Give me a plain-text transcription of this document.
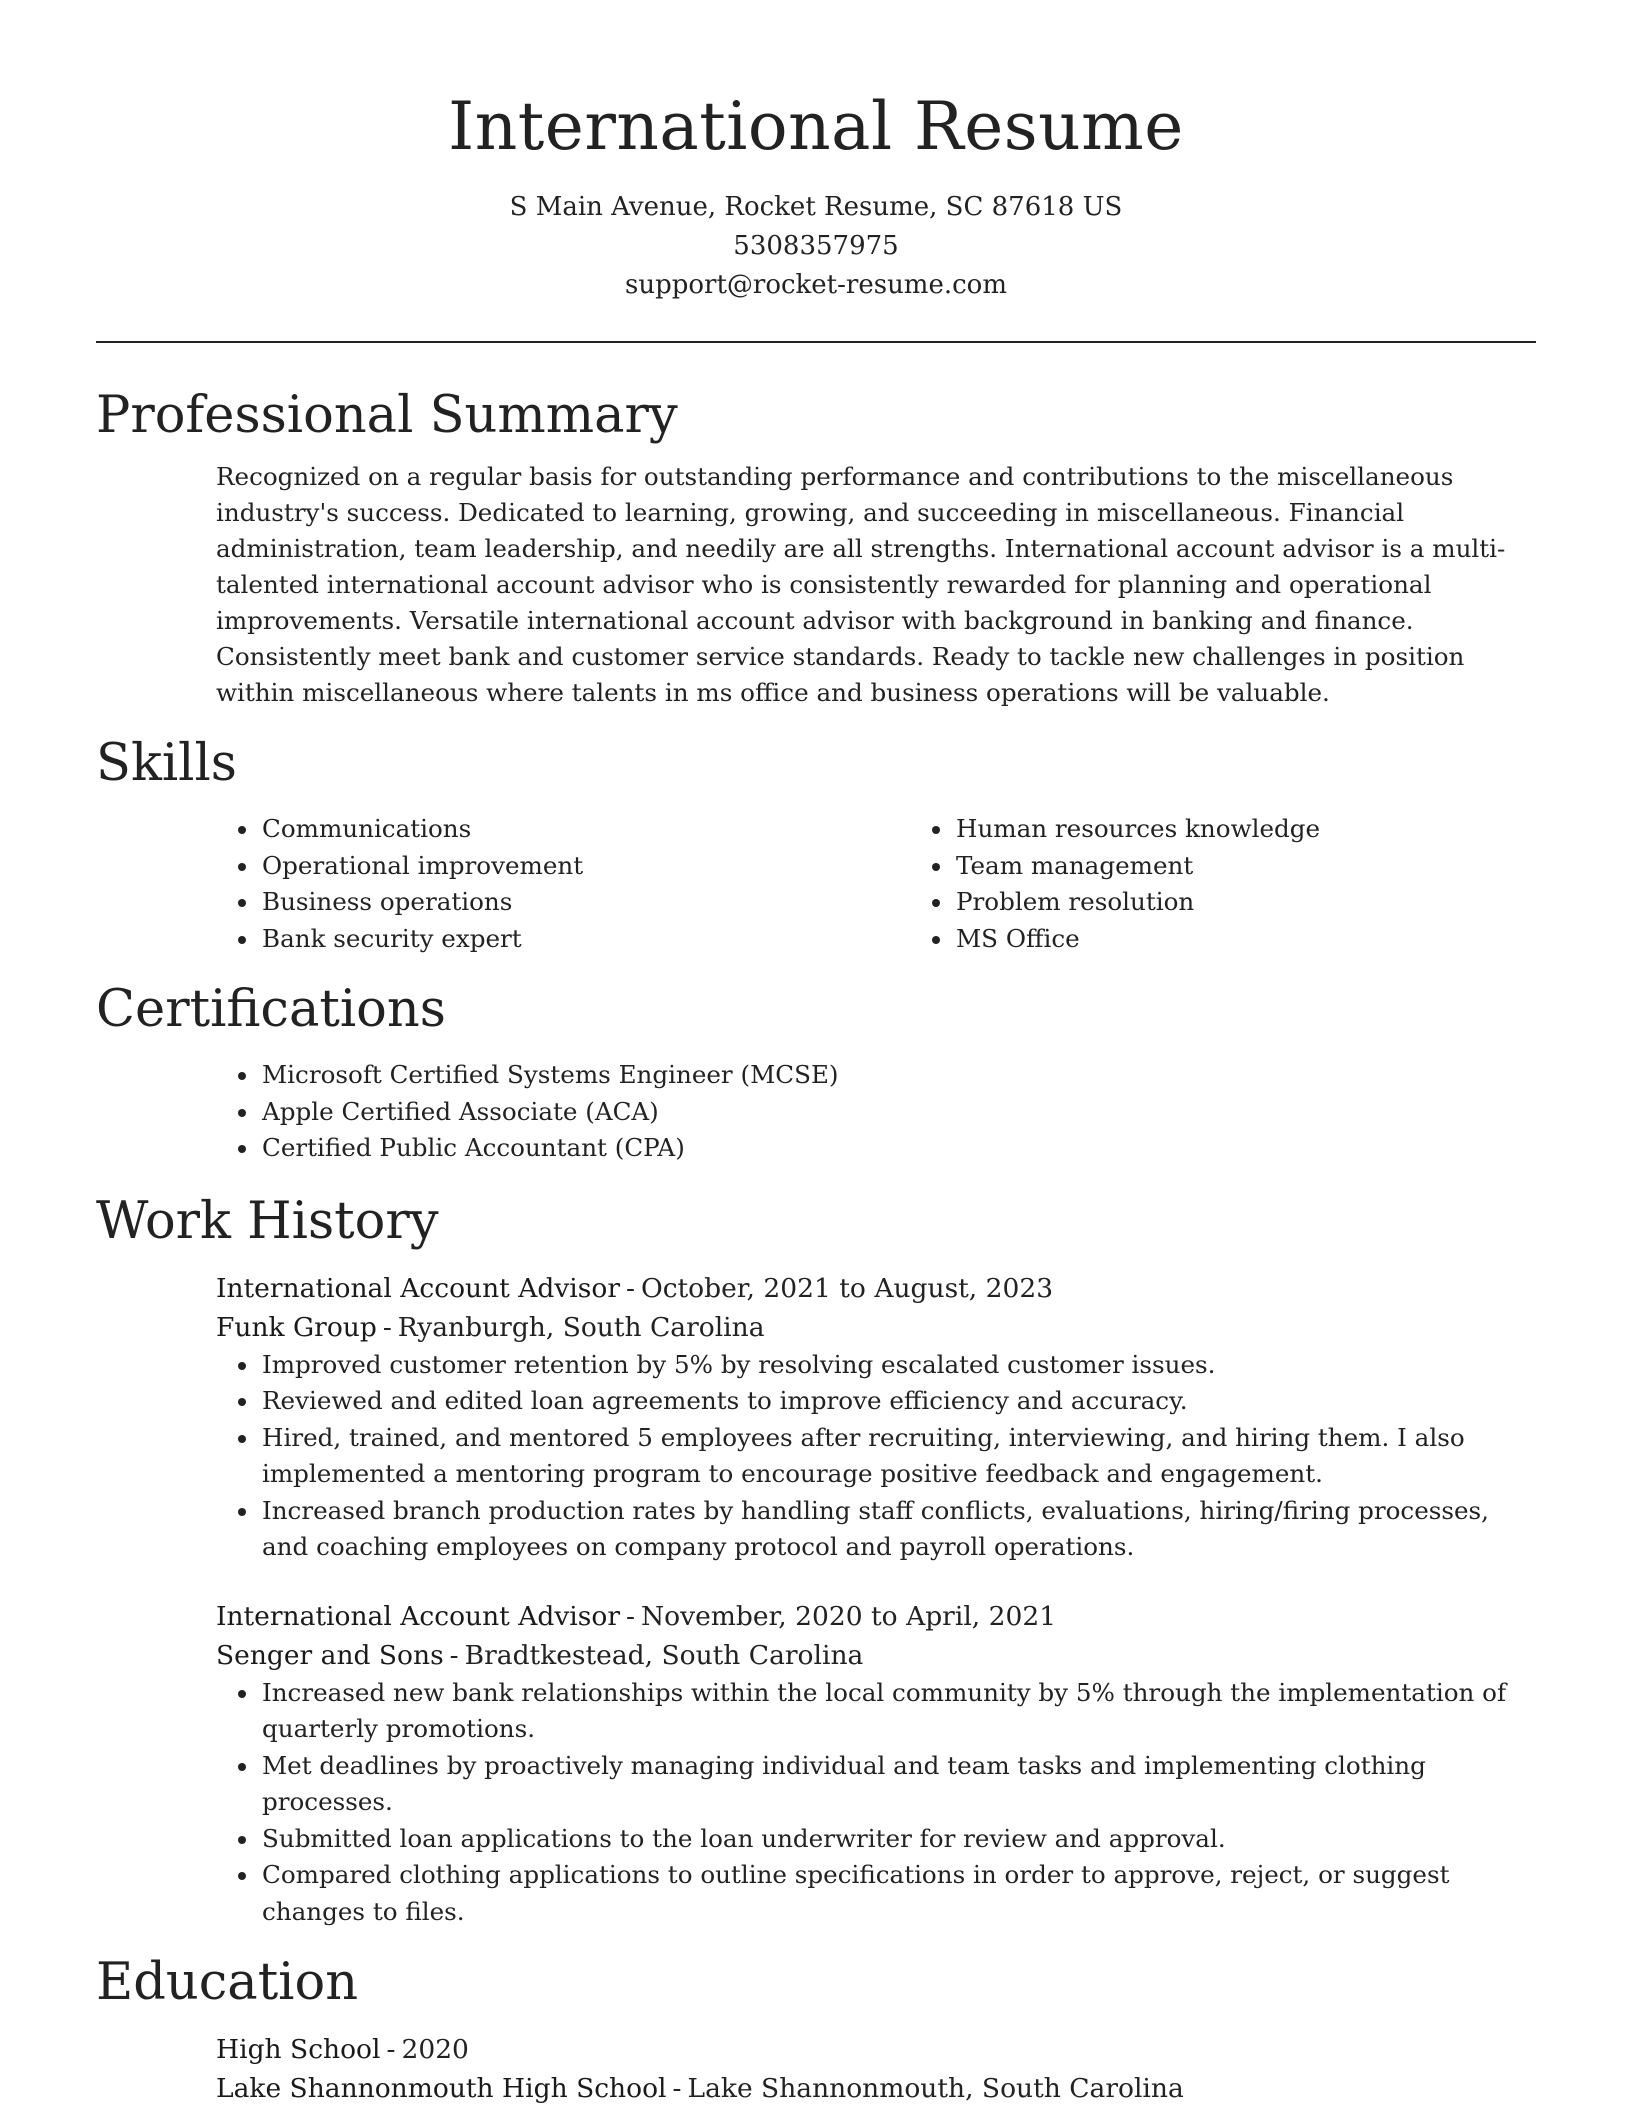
International Resume
S Main Avenue, Rocket Resume, SC 87618 US
5308357975
support@rocket-resume.com
Professional Summary

Recognized on a regular basis for outstanding performance and contributions to the miscellaneous industry's success. Dedicated to learning, growing, and succeeding in miscellaneous. Financial administration, team leadership, and needily are all strengths. International account advisor is a multi-talented international account advisor who is consistently rewarded for planning and operational improvements. Versatile international account advisor with background in banking and finance. Consistently meet bank and customer service standards. Ready to tackle new challenges in position within miscellaneous where talents in ms office and business operations will be valuable.

Skills
• Communications
• Operational improvement
• Business operations
• Bank security expert
• Human resources knowledge
• Team management
• Problem resolution
• MS Office
Certifications
• Microsoft Certified Systems Engineer (MCSE)
• Apple Certified Associate (ACA)
• Certified Public Accountant (CPA)
Work History
International Account Advisor - October, 2021 to August, 2023
Funk Group - Ryanburgh, South Carolina
• Improved customer retention by 5% by resolving escalated customer issues.
• Reviewed and edited loan agreements to improve efficiency and accuracy.
• Hired, trained, and mentored 5 employees after recruiting, interviewing, and hiring them. I also implemented a mentoring program to encourage positive feedback and engagement.
• Increased branch production rates by handling staff conflicts, evaluations, hiring/firing processes, and coaching employees on company protocol and payroll operations.
International Account Advisor - November, 2020 to April, 2021
Senger and Sons - Bradtkestead, South Carolina
• Increased new bank relationships within the local community by 5% through the implementation of quarterly promotions.
• Met deadlines by proactively managing individual and team tasks and implementing clothing processes.
• Submitted loan applications to the loan underwriter for review and approval.
• Compared clothing applications to outline specifications in order to approve, reject, or suggest changes to files.
Education
High School - 2020
Lake Shannonmouth High School - Lake Shannonmouth, South Carolina
